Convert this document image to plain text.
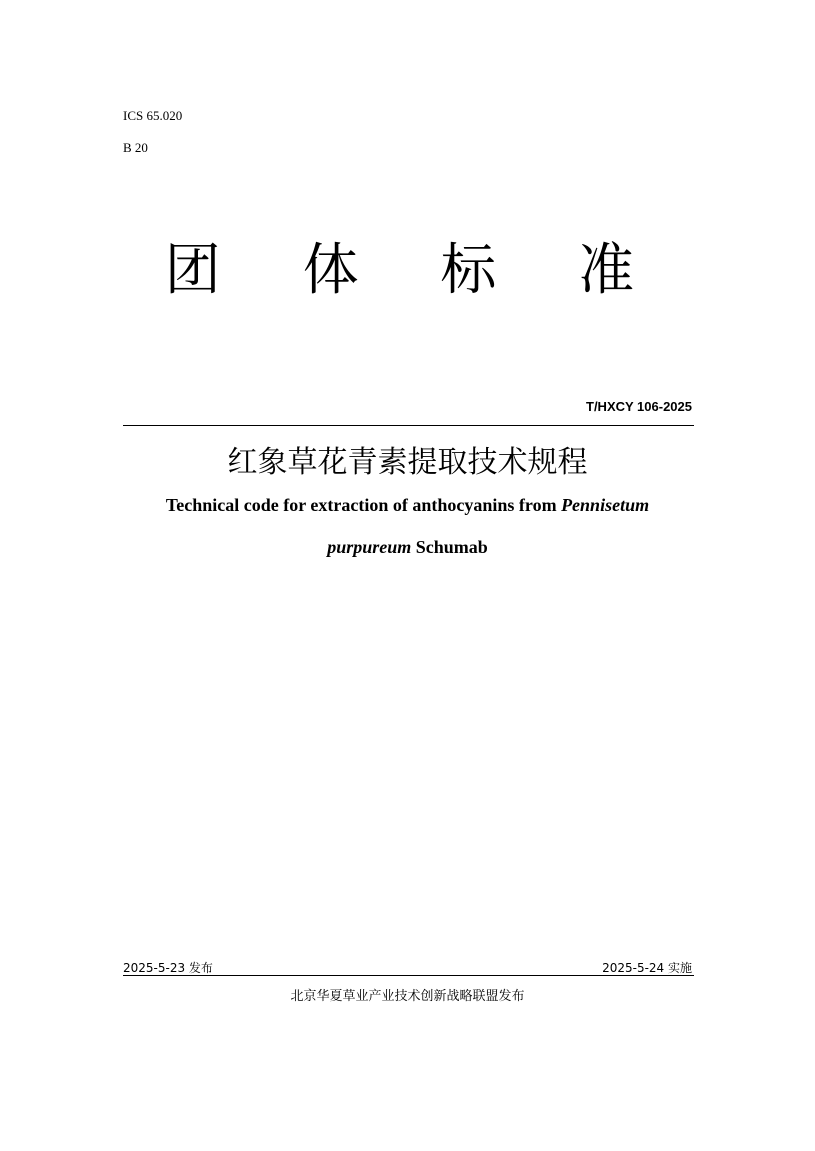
ICS 65.020
B 20
团 体 标 准
T/HXCY 106-2025
红象草花青素提取技术规程
Technical code for extraction of anthocyanins from Pennisetum
purpureum Schumab
2025-5-23 发布	2025-5-24 实施
北京华夏草业产业技术创新战略联盟发布
